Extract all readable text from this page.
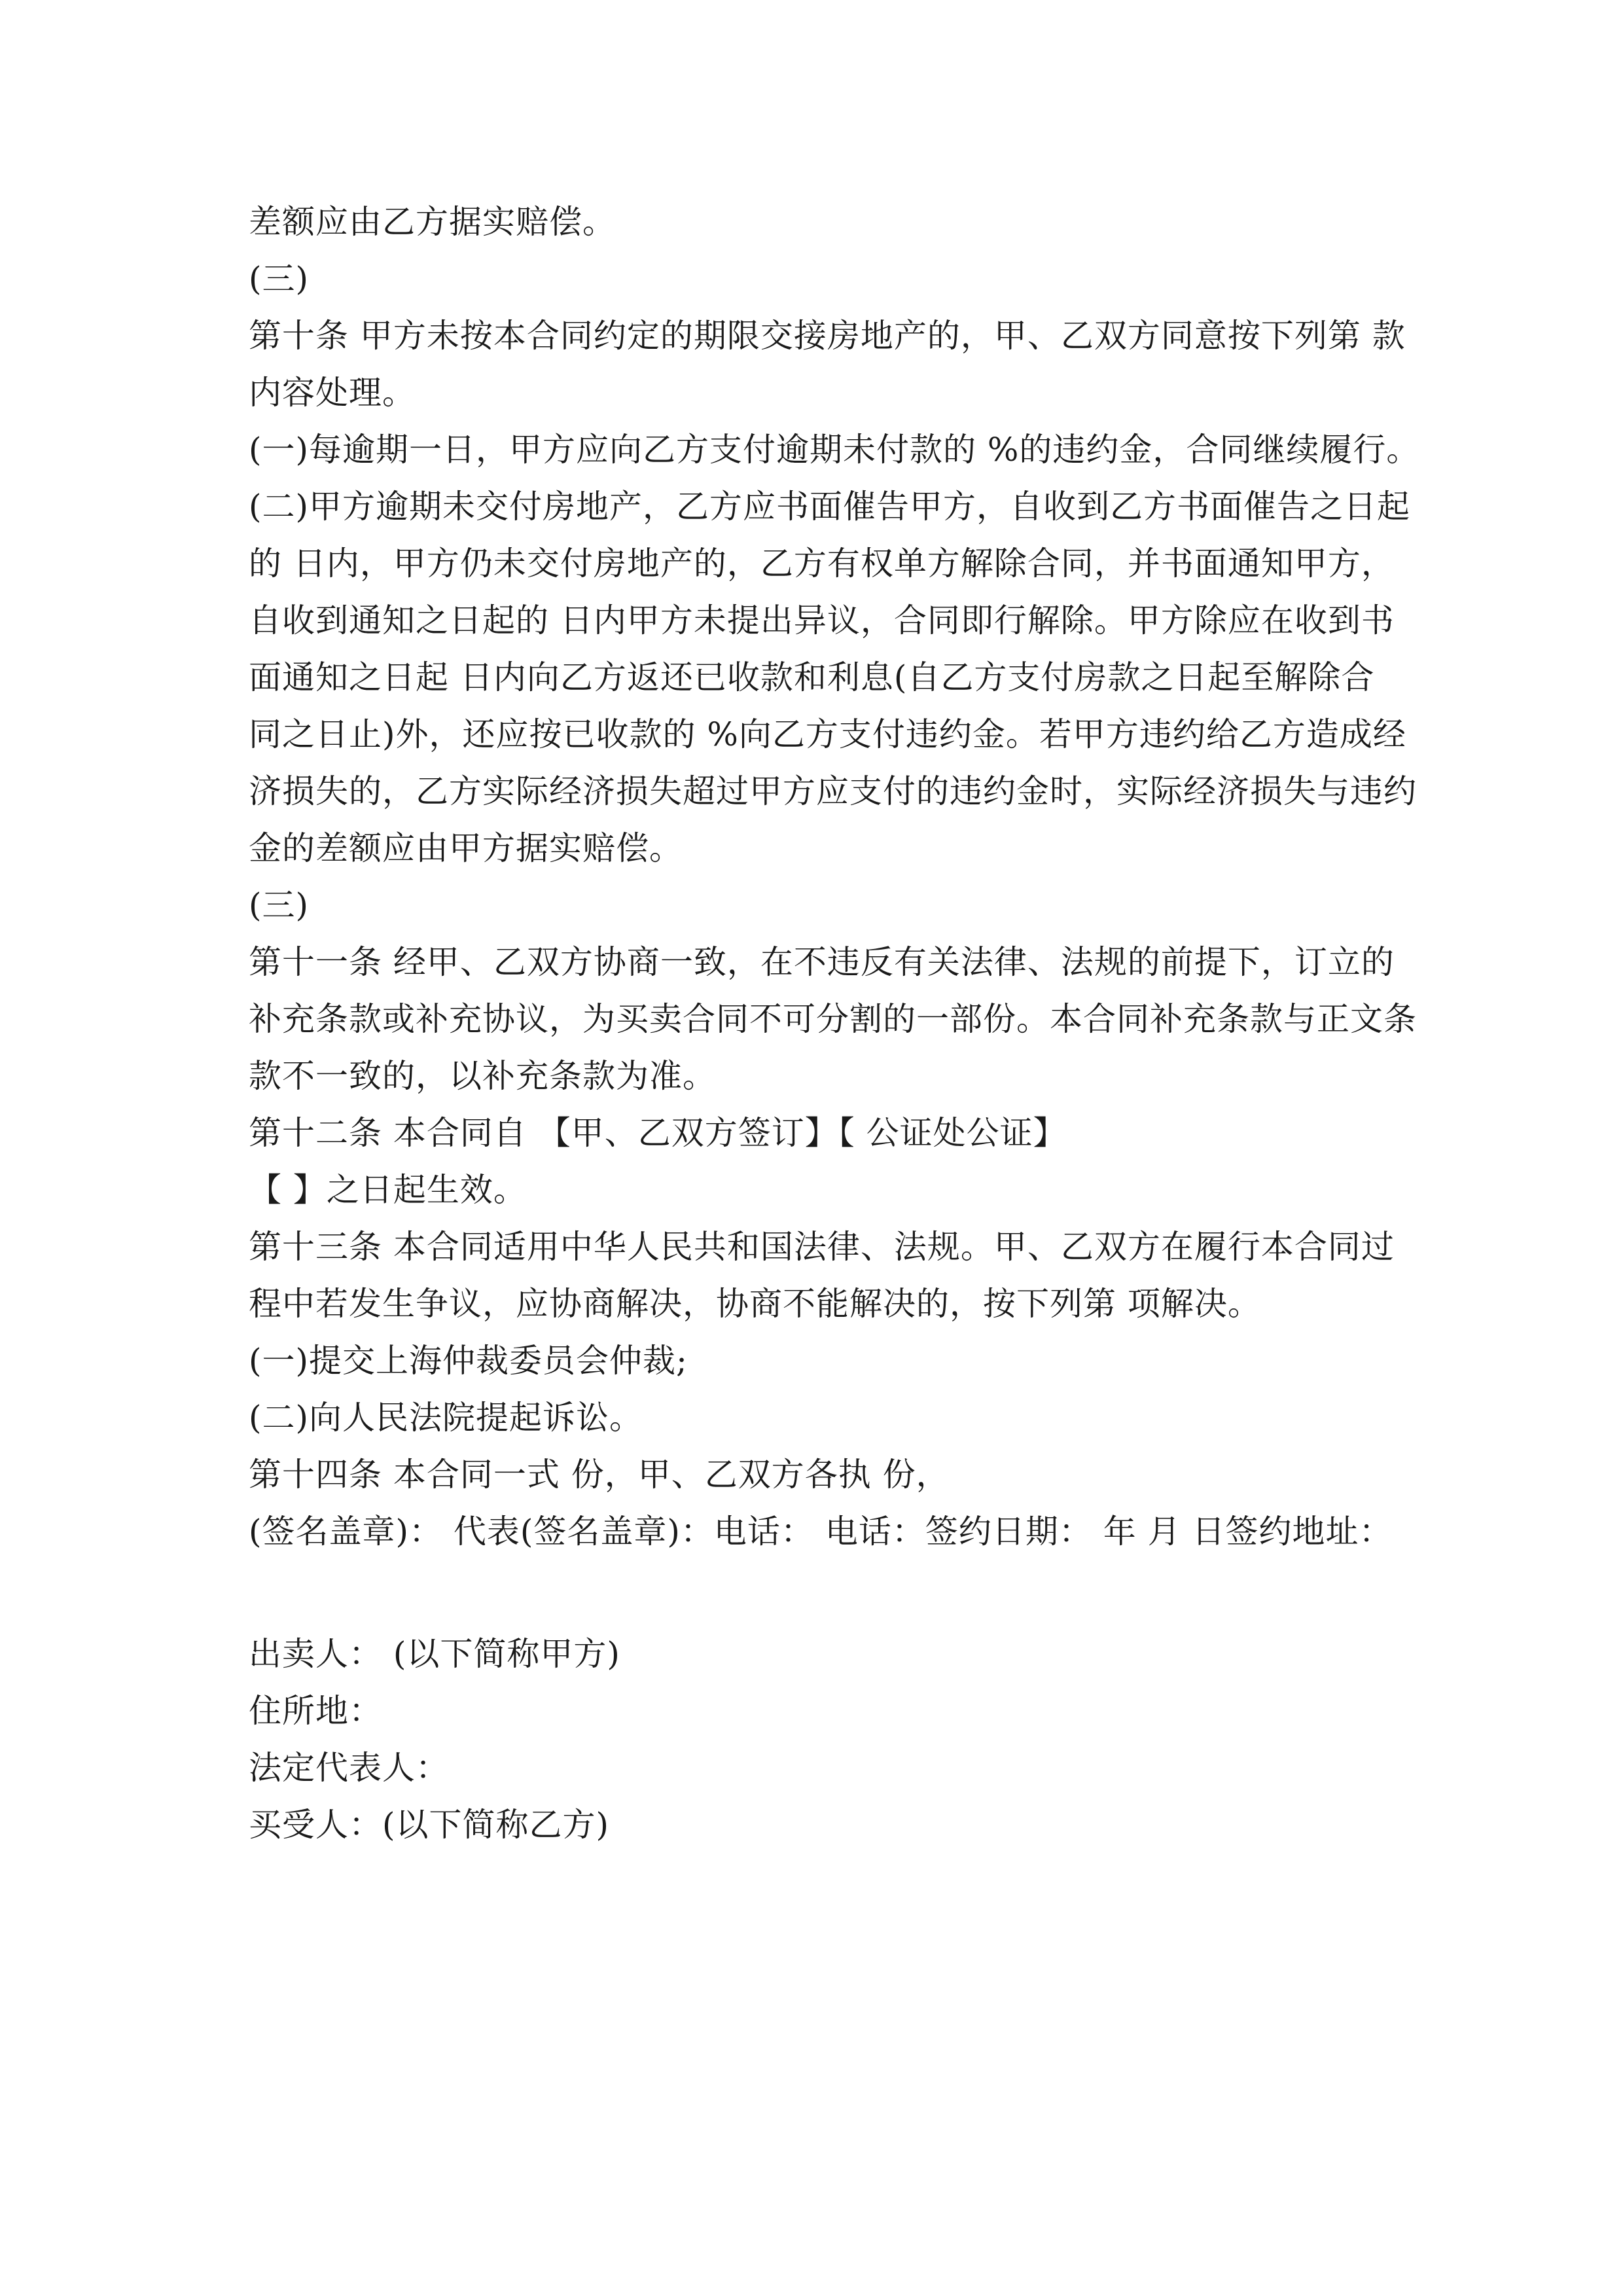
差额应由乙方据实赔偿。
(三)
第十条 甲方未按本合同约定的期限交接房地产的，甲、乙双方同意按下列第 款
内容处理。
(一)每逾期一日，甲方应向乙方支付逾期未付款的 %的违约金，合同继续履行。
(二)甲方逾期未交付房地产，乙方应书面催告甲方，自收到乙方书面催告之日起
的 日内，甲方仍未交付房地产的，乙方有权单方解除合同，并书面通知甲方，
自收到通知之日起的 日内甲方未提出异议，合同即行解除。甲方除应在收到书
面通知之日起 日内向乙方返还已收款和利息(自乙方支付房款之日起至解除合
同之日止)外，还应按已收款的 %向乙方支付违约金。若甲方违约给乙方造成经
济损失的，乙方实际经济损失超过甲方应支付的违约金时，实际经济损失与违约
金的差额应由甲方据实赔偿。
(三)
第十一条 经甲、乙双方协商一致，在不违反有关法律、法规的前提下，订立的
补充条款或补充协议，为买卖合同不可分割的一部份。本合同补充条款与正文条
款不一致的，以补充条款为准。
第十二条 本合同自 【甲、乙双方签订】【 公证处公证】
【 】之日起生效。
第十三条 本合同适用中华人民共和国法律、法规。甲、乙双方在履行本合同过
程中若发生争议，应协商解决，协商不能解决的，按下列第 项解决。
(一)提交上海仲裁委员会仲裁;
(二)向人民法院提起诉讼。
第十四条 本合同一式 份，甲、乙双方各执 份，
(签名盖章)： 代表(签名盖章)：电话： 电话：签约日期： 年 月 日签约地址：
出卖人： (以下简称甲方)
住所地：
法定代表人：
买受人：(以下简称乙方)
